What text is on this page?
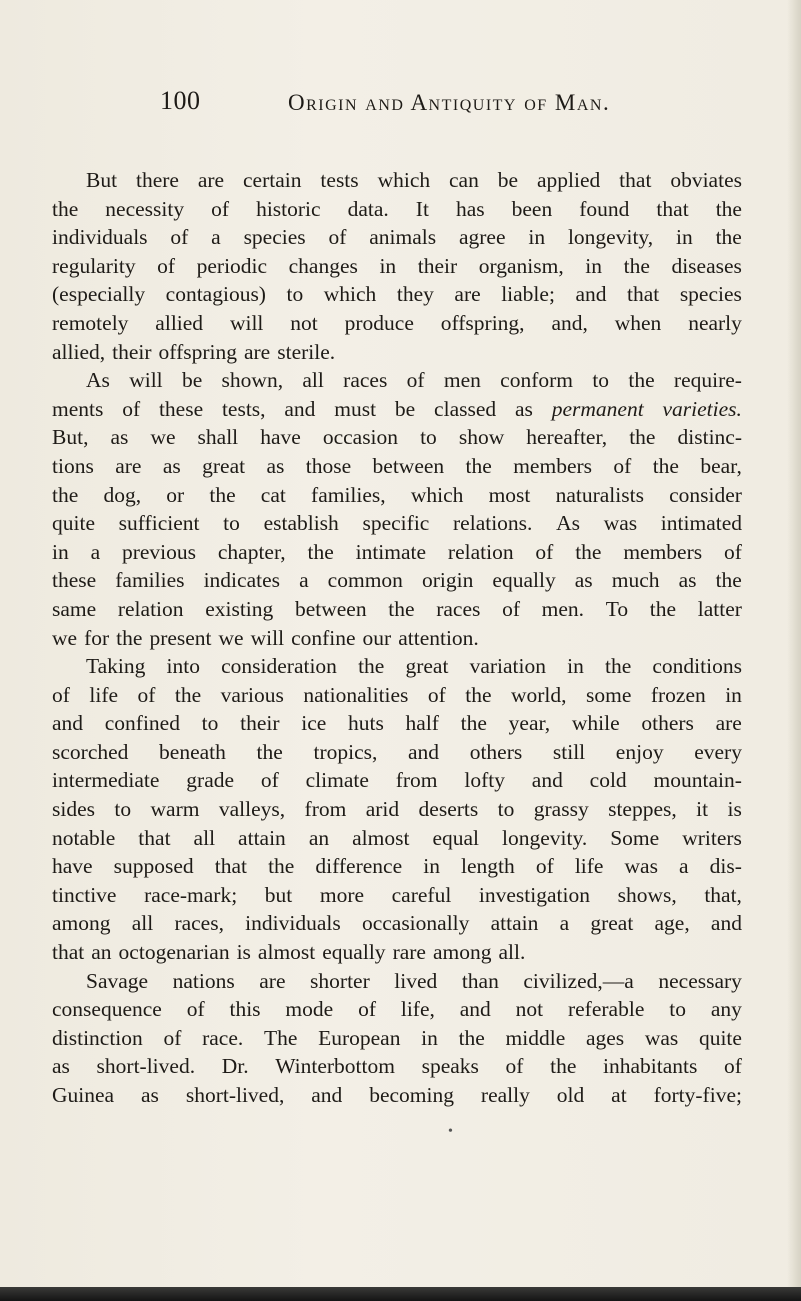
100	Origin and Antiquity of Man.
But there are certain tests which can be applied that obviates
the necessity of historic data. It has been found that the
individuals of a species of animals agree in longevity, in the
regularity of periodic changes in their organism, in the diseases
(especially contagious) to which they are liable; and that species
remotely allied will not produce offspring, and, when nearly
allied, their offspring are sterile.
As will be shown, all races of men conform to the require-
ments of these tests, and must be classed as permanent varieties.
But, as we shall have occasion to show hereafter, the distinc-
tions are as great as those between the members of the bear,
the dog, or the cat families, which most naturalists consider
quite sufficient to establish specific relations. As was intimated
in a previous chapter, the intimate relation of the members of
these families indicates a common origin equally as much as the
same relation existing between the races of men. To the latter
we for the present we will confine our attention.
Taking into consideration the great variation in the conditions
of life of the various nationalities of the world, some frozen in
and confined to their ice huts half the year, while others are
scorched beneath the tropics, and others still enjoy every
intermediate grade of climate from lofty and cold mountain-
sides to warm valleys, from arid deserts to grassy steppes, it is
notable that all attain an almost equal longevity. Some writers
have supposed that the difference in length of life was a dis-
tinctive race-mark; but more careful investigation shows, that,
among all races, individuals occasionally attain a great age, and
that an octogenarian is almost equally rare among all.
Savage nations are shorter lived than civilized,—a necessary
consequence of this mode of life, and not referable to any
distinction of race. The European in the middle ages was quite
as short-lived. Dr. Winterbottom speaks of the inhabitants of
Guinea as short-lived, and becoming really old at forty-five;
•
